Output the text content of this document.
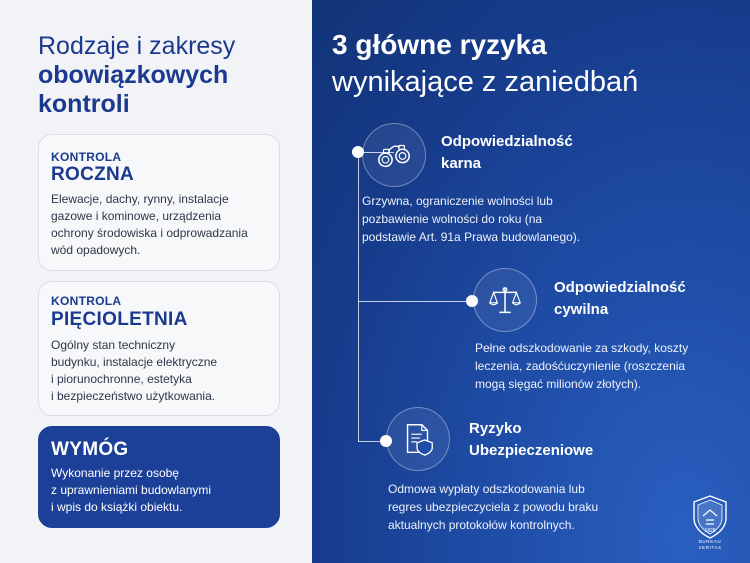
Rodzaje i zakresy
obowiązkowych
kontroli
KONTROLA
ROCZNA
Elewacje, dachy, rynny, instalacje
gazowe i kominowe, urządzenia
ochrony środowiska i odprowadzania
wód opadowych.
KONTROLA
PIĘCIOLETNIA
Ogólny stan techniczny
budynku, instalacje elektryczne
i piorunochronne, estetyka
i bezpieczeństwo użytkowania.
WYMÓG
Wykonanie przez osobę
z uprawnieniami budowlanymi
i wpis do książki obiektu.
3 główne ryzyka
wynikające z zaniedbań
Odpowiedzialność
karna
Grzywna, ograniczenie wolności lub
pozbawienie wolności do roku (na
podstawie Art. 91a Prawa budowlanego).
Odpowiedzialność
cywilna
Pełne odszkodowanie za szkody, koszty
leczenia, zadośćuczynienie (roszczenia
mogą sięgać milionów złotych).
Ryzyko
Ubezpieczeniowe
Odmowa wypłaty odszkodowania lub
regres ubezpieczyciela z powodu braku
aktualnych protokołów kontrolnych.	1828
BUREAU
VERITAS
